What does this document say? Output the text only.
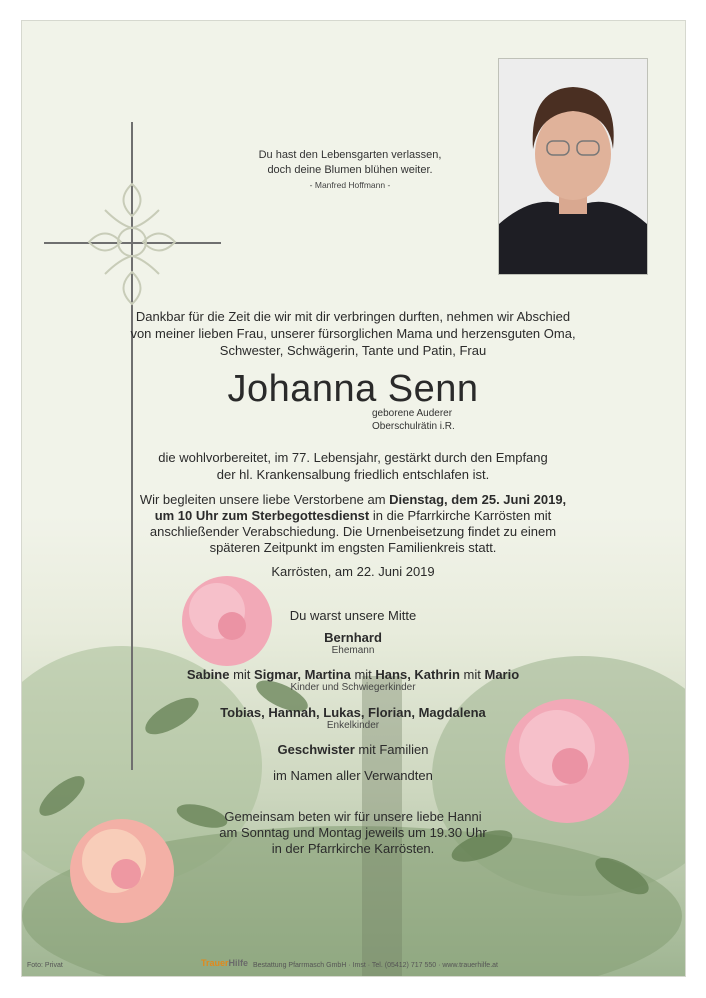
Du hast den Lebensgarten verlassen,
doch deine Blumen blühen weiter.
- Manfred Hoffmann -
Dankbar für die Zeit die wir mit dir verbringen durften, nehmen wir Abschied
von meiner lieben Frau, unserer fürsorglichen Mama und herzensguten Oma,
Schwester, Schwägerin, Tante und Patin, Frau
Johanna Senn
geborene Auderer
Oberschulrätin i.R.
die wohlvorbereitet, im 77. Lebensjahr, gestärkt durch den Empfang
der hl. Krankensalbung friedlich entschlafen ist.
Wir begleiten unsere liebe Verstorbene am Dienstag, dem 25. Juni 2019,
um 10 Uhr zum Sterbegottesdienst in die Pfarrkirche Karrösten mit
anschließender Verabschiedung. Die Urnenbeisetzung findet zu einem
späteren Zeitpunkt im engsten Familienkreis statt.
Karrösten, am 22. Juni 2019
Du warst unsere Mitte
Bernhard
Ehemann
Sabine mit Sigmar, Martina mit Hans, Kathrin mit Mario
Kinder und Schwiegerkinder
Tobias, Hannah, Lukas, Florian, Magdalena
Enkelkinder
Geschwister mit Familien
im Namen aller Verwandten
Gemeinsam beten wir für unsere liebe Hanni
am Sonntag und Montag jeweils um 19.30 Uhr
in der Pfarrkirche Karrösten.
Foto: Privat	TrauerHilfe Bestattung Pfarrmasch GmbH · Imst · Tel. (05412) 717 550 · www.trauerhilfe.at
